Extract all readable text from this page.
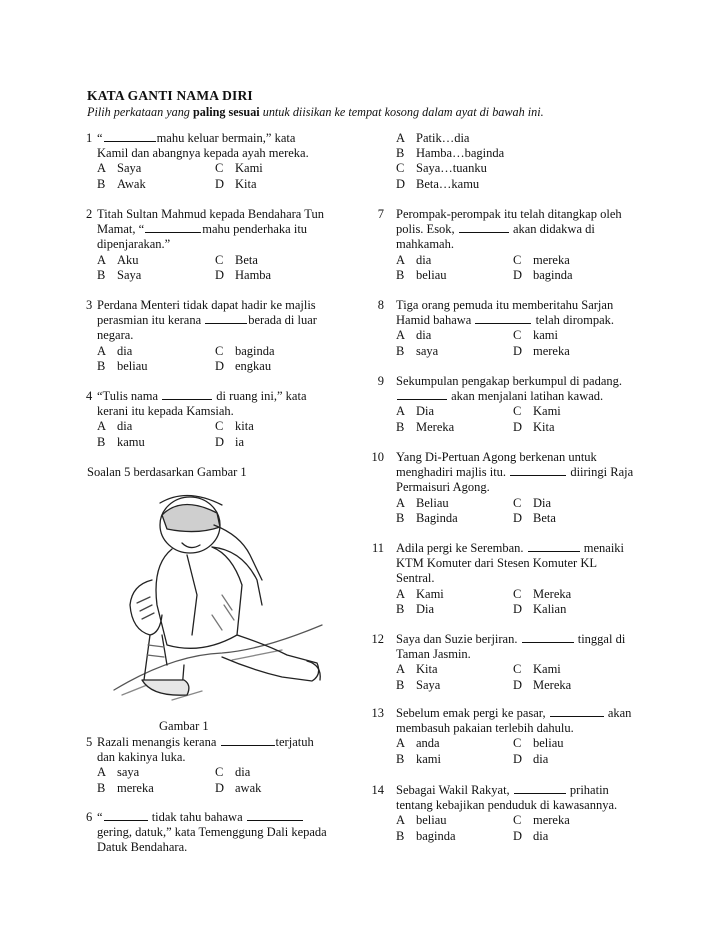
KATA GANTI NAMA DIRI
Pilih perkataan yang paling sesuai untuk diisikan ke tempat kosong dalam ayat di bawah ini.
1 “	mahu keluar bermain,” kata
Kamil dan abangnya kepada ayah mereka.
A Saya	C Kami
B Awak	D Kita
2 Titah Sultan Mahmud kepada Bendahara Tun
Mamat, “	mahu penderhaka itu
dipenjarakan.”
A Aku	C Beta
B Saya	D Hamba
3 Perdana Menteri tidak dapat hadir ke majlis
perasmian itu kerana	berada di luar
negara.
A dia	C baginda
B beliau	D engkau
4 “Tulis nama	di ruang ini,” kata
kerani itu kepada Kamsiah.
A dia	C kita
B kamu	D ia
Soalan 5 berdasarkan Gambar 1
Gambar 1
5 Razali menangis kerana	terjatuh
dan kakinya luka.
A saya	C dia
B mereka	D awak
6 “	tidak tahu bahawa
gering, datuk,” kata Temenggung Dali kepada
Datuk Bendahara.
A Patik…dia
B Hamba…baginda
C Saya…tuanku
D Beta…kamu
7 Perompak-perompak itu telah ditangkap oleh
polis. Esok,	akan didakwa di
mahkamah.
A dia	C mereka
B beliau	D baginda
8 Tiga orang pemuda itu memberitahu Sarjan
Hamid bahawa	telah dirompak.
A dia	C kami
B saya	D mereka
9 Sekumpulan pengakap berkumpul di padang.
akan menjalani latihan kawad.
A Dia	C Kami
B Mereka	D Kita
10 Yang Di-Pertuan Agong berkenan untuk
menghadiri majlis itu.	diiringi Raja
Permaisuri Agong.
A Beliau	C Dia
B Baginda	D Beta
11 Adila pergi ke Seremban.	menaiki
KTM Komuter dari Stesen Komuter KL
Sentral.
A Kami	C Mereka
B Dia	D Kalian
12 Saya dan Suzie berjiran.	tinggal di
Taman Jasmin.
A Kita	C Kami
B Saya	D Mereka
13 Sebelum emak pergi ke pasar,	akan
membasuh pakaian terlebih dahulu.
A anda	C beliau
B kami	D dia
14 Sebagai Wakil Rakyat,	prihatin
tentang kebajikan penduduk di kawasannya.
A beliau	C mereka
B baginda	D dia
